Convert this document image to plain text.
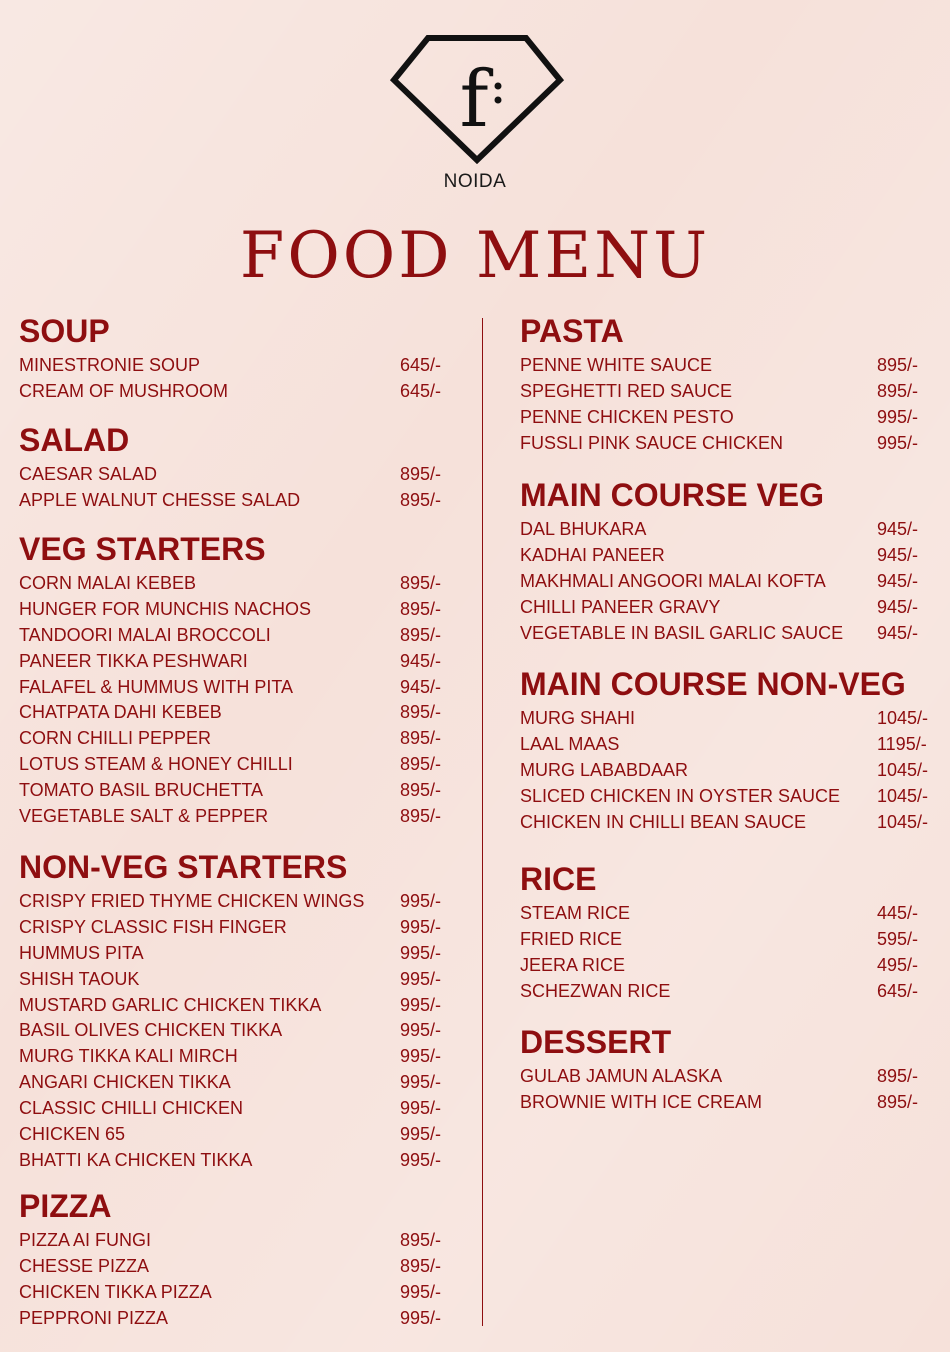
f
NOIDA
FOOD MENU
SOUP
MINESTRONIE SOUP	645/-
CREAM OF MUSHROOM	645/-
SALAD
CAESAR SALAD	895/-
APPLE WALNUT CHESSE SALAD	895/-
VEG STARTERS
CORN MALAI KEBEB	895/-
HUNGER FOR MUNCHIS NACHOS	895/-
TANDOORI MALAI BROCCOLI	895/-
PANEER TIKKA PESHWARI	945/-
FALAFEL & HUMMUS WITH PITA	945/-
CHATPATA DAHI KEBEB	895/-
CORN CHILLI PEPPER	895/-
LOTUS STEAM & HONEY CHILLI	895/-
TOMATO BASIL BRUCHETTA	895/-
VEGETABLE SALT & PEPPER	895/-
NON-VEG STARTERS
CRISPY FRIED THYME CHICKEN WINGS 995/-
CRISPY CLASSIC FISH FINGER	995/-
HUMMUS PITA	995/-
SHISH TAOUK	995/-
MUSTARD GARLIC CHICKEN TIKKA	995/-
BASIL OLIVES CHICKEN TIKKA	995/-
MURG TIKKA KALI MIRCH	995/-
ANGARI CHICKEN TIKKA	995/-
CLASSIC CHILLI CHICKEN	995/-
CHICKEN 65	995/-
BHATTI KA CHICKEN TIKKA	995/-
PIZZA
PIZZA AI FUNGI	895/-
CHESSE PIZZA	895/-
CHICKEN TIKKA PIZZA	995/-
PEPPRONI PIZZA	995/-
PASTA
PENNE WHITE SAUCE	895/-
SPEGHETTI RED SAUCE	895/-
PENNE CHICKEN PESTO	995/-
FUSSLI PINK SAUCE CHICKEN	995/-
MAIN COURSE VEG
DAL BHUKARA	945/-
KADHAI PANEER	945/-
MAKHMALI ANGOORI MALAI KOFTA	945/-
CHILLI PANEER GRAVY	945/-
VEGETABLE IN BASIL GARLIC SAUCE 945/-
MAIN COURSE NON-VEG
MURG SHAHI	1045/-
LAAL MAAS	1195/-
MURG LABABDAAR	1045/-
SLICED CHICKEN IN OYSTER SAUCE 1045/-
CHICKEN IN CHILLI BEAN SAUCE	1045/-
RICE
STEAM RICE	445/-
FRIED RICE	595/-
JEERA RICE	495/-
SCHEZWAN RICE	645/-
DESSERT
GULAB JAMUN ALASKA	895/-
BROWNIE WITH ICE CREAM	895/-
